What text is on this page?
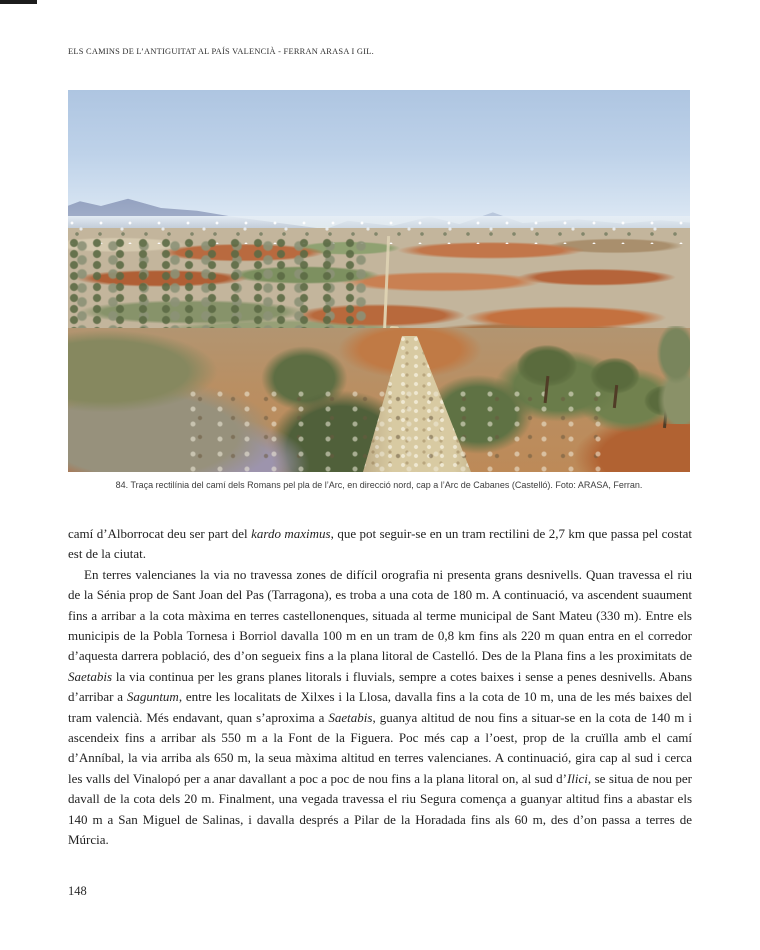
ELS CAMINS DE L’ANTIGUITAT AL PAÍS VALENCIÀ - FERRAN ARASA I GIL.
84. Traça rectilínia del camí dels Romans pel pla de l’Arc, en direcció nord, cap a l’Arc de Cabanes (Castelló). Foto: ARASA, Ferran.

camí d’Alborrocat deu ser part del kardo maximus, que pot seguir-se en un tram rectilini de 2,7 km que passa pel costat est de la ciutat.

En terres valencianes la via no travessa zones de difícil orografia ni presenta grans desnivells. Quan travessa el riu de la Sénia prop de Sant Joan del Pas (Tarragona), es troba a una cota de 180 m. A continuació, va ascendent suaument fins a arribar a la cota màxima en terres castellonenques, situada al terme municipal de Sant Mateu (330 m). Entre els municipis de la Pobla Tornesa i Borriol davalla 100 m en un tram de 0,8 km fins als 220 m quan entra en el corredor d’aquesta darrera població, des d’on segueix fins a la plana litoral de Castelló. Des de la Plana fins a les proximitats de Saetabis la via continua per les grans planes litorals i fluvials, sempre a cotes baixes i sense a penes desnivells. Abans d’arribar a Saguntum, entre les localitats de Xilxes i la Llosa, davalla fins a la cota de 10 m, una de les més baixes del tram valencià. Més endavant, quan s’aproxima a Saetabis, guanya altitud de nou fins a situar-se en la cota de 140 m i ascendeix fins a arribar als 550 m a la Font de la Figuera. Poc més cap a l’oest, prop de la cruïlla amb el camí d’Anníbal, la via arriba als 650 m, la seua màxima altitud en terres valencianes. A continuació, gira cap al sud i cerca les valls del Vinalopó per a anar davallant a poc a poc de nou fins a la plana litoral on, al sud d’Ilici, se situa de nou per davall de la cota dels 20 m. Finalment, una vegada travessa el riu Segura comença a guanyar altitud fins a abastar els 140 m a San Miguel de Salinas, i davalla després a Pilar de la Horadada fins als 60 m, des d’on passa a terres de Múrcia.

148
